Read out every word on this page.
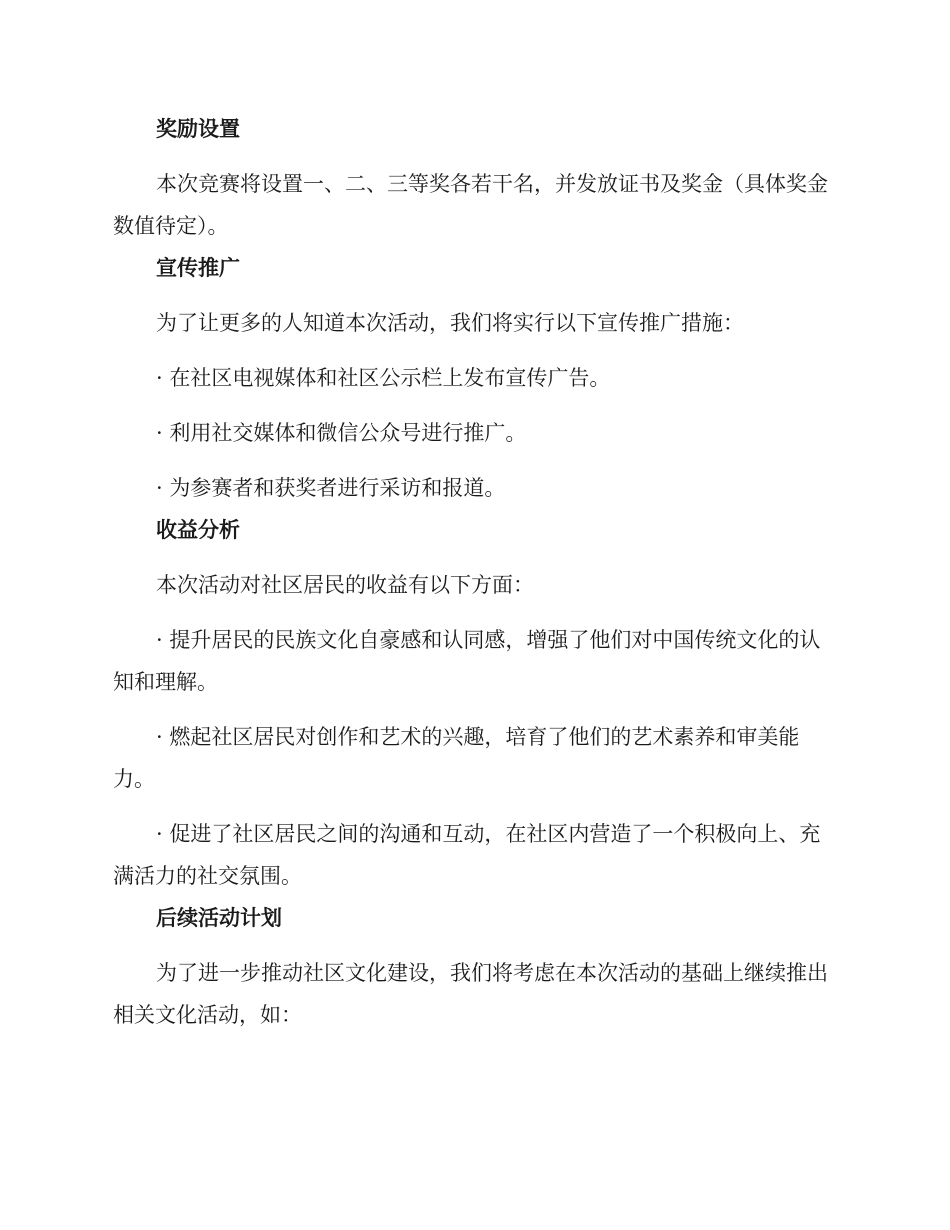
奖励设置
本次竞赛将设置一、二、三等奖各若干名，并发放证书及奖金（具体奖金数值待定）。
宣传推广
为了让更多的人知道本次活动，我们将实行以下宣传推广措施：
· 在社区电视媒体和社区公示栏上发布宣传广告。
· 利用社交媒体和微信公众号进行推广。
· 为参赛者和获奖者进行采访和报道。
收益分析
本次活动对社区居民的收益有以下方面：
· 提升居民的民族文化自豪感和认同感，增强了他们对中国传统文化的认知和理解。
· 燃起社区居民对创作和艺术的兴趣，培育了他们的艺术素养和审美能力。
· 促进了社区居民之间的沟通和互动，在社区内营造了一个积极向上、充满活力的社交氛围。
后续活动计划
为了进一步推动社区文化建设，我们将考虑在本次活动的基础上继续推出相关文化活动，如：
